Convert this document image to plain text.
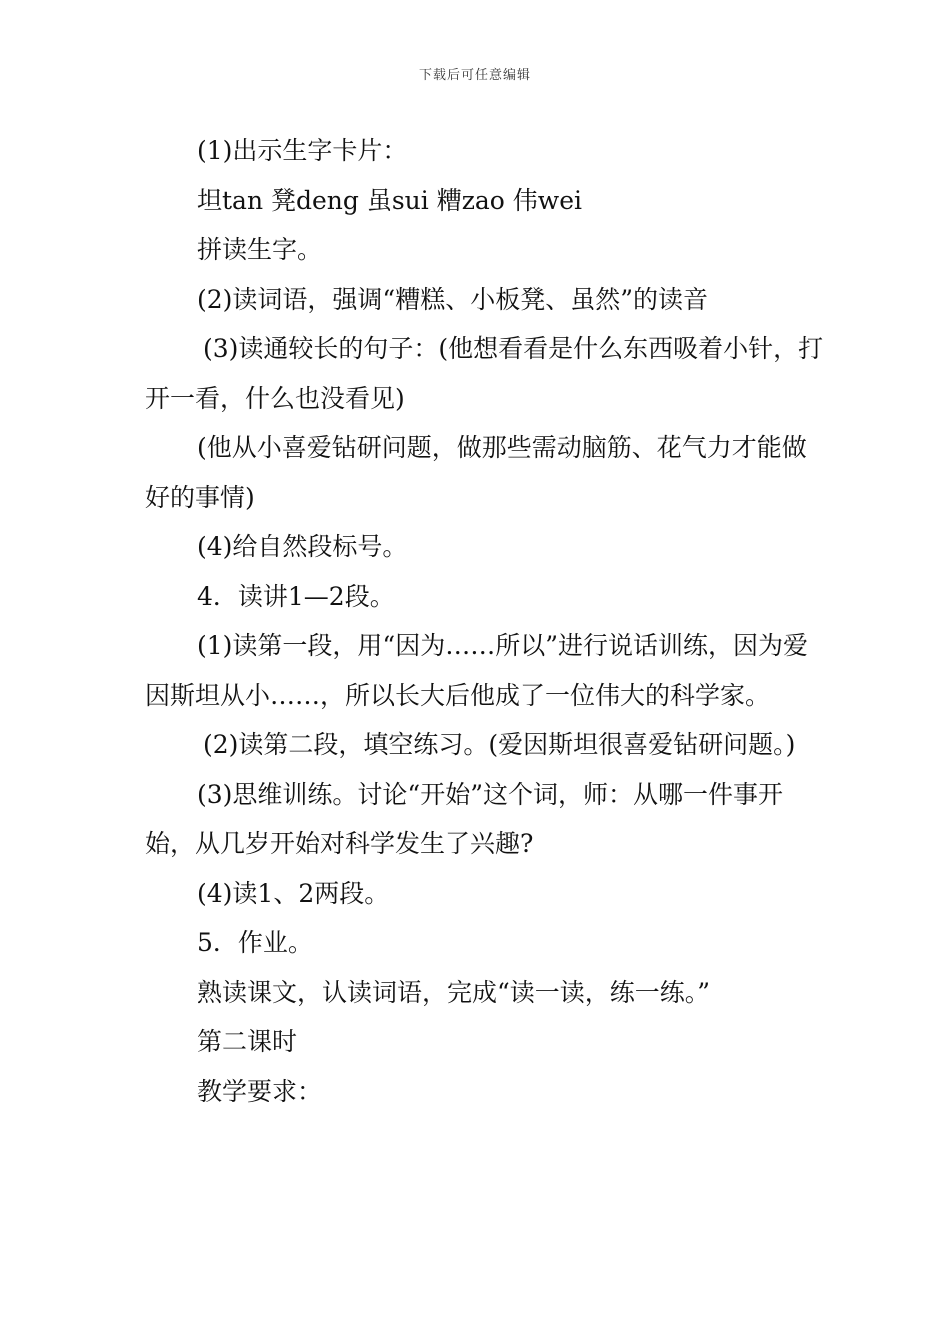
下载后可任意编辑

(1)出示生字卡片：

坦tan 凳deng 虽sui 糟zao 伟wei

拼读生字。

(2)读词语，强调“糟糕、小板凳、虽然”的读音

(3)读通较长的句子：(他想看看是什么东西吸着小针，打开一看，什么也没看见)

(他从小喜爱钻研问题，做那些需动脑筋、花气力才能做好的事情)

(4)给自然段标号。

4．读讲1—2段。

(1)读第一段，用“因为……所以”进行说话训练，因为爱因斯坦从小……，所以长大后他成了一位伟大的科学家。

(2)读第二段，填空练习。(爱因斯坦很喜爱钻研问题。)

(3)思维训练。讨论“开始”这个词，师：从哪一件事开始，从几岁开始对科学发生了兴趣?

(4)读1、2两段。

5．作业。

熟读课文，认读词语，完成“读一读，练一练。”

第二课时

教学要求：
